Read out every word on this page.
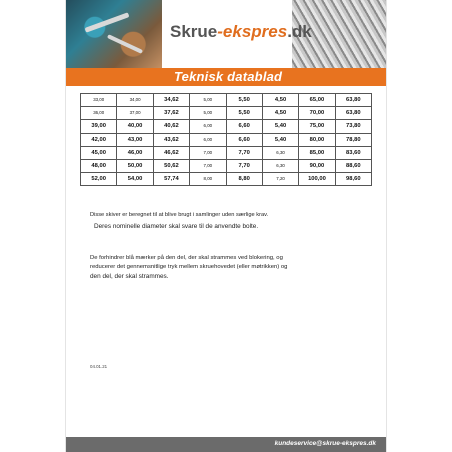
Skrue-ekspres.dk
Teknisk datablad
33,00	34,00	34,62	5,00	5,50	4,50	65,00	63,80
36,00	37,00	37,62	5,00	5,50	4,50	70,00	63,80
39,00	40,00	40,62	6,00	6,60	5,40	75,00	73,80
42,00	43,00	43,62	6,00	6,60	5,40	80,00	78,80
45,00	46,00	46,62	7,00	7,70	6,30	85,00	83,60
48,00	50,00	50,62	7,00	7,70	6,30	90,00	88,60
52,00	54,00	57,74	8,00	8,80	7,20	100,00	98,60
Disse skiver er beregnet til at blive brugt i samlinger uden særlige krav.
Deres nominelle diameter skal svare til de anvendte bolte.
De forhindrer blå mærker på den del, der skal strammes ved blokering, og
reducerer det gennemsnitlige tryk mellem skruehovedet (eller møtrikken) og
den del, der skal strammes.
04.01.21
kundeservice@skrue-ekspres.dk
